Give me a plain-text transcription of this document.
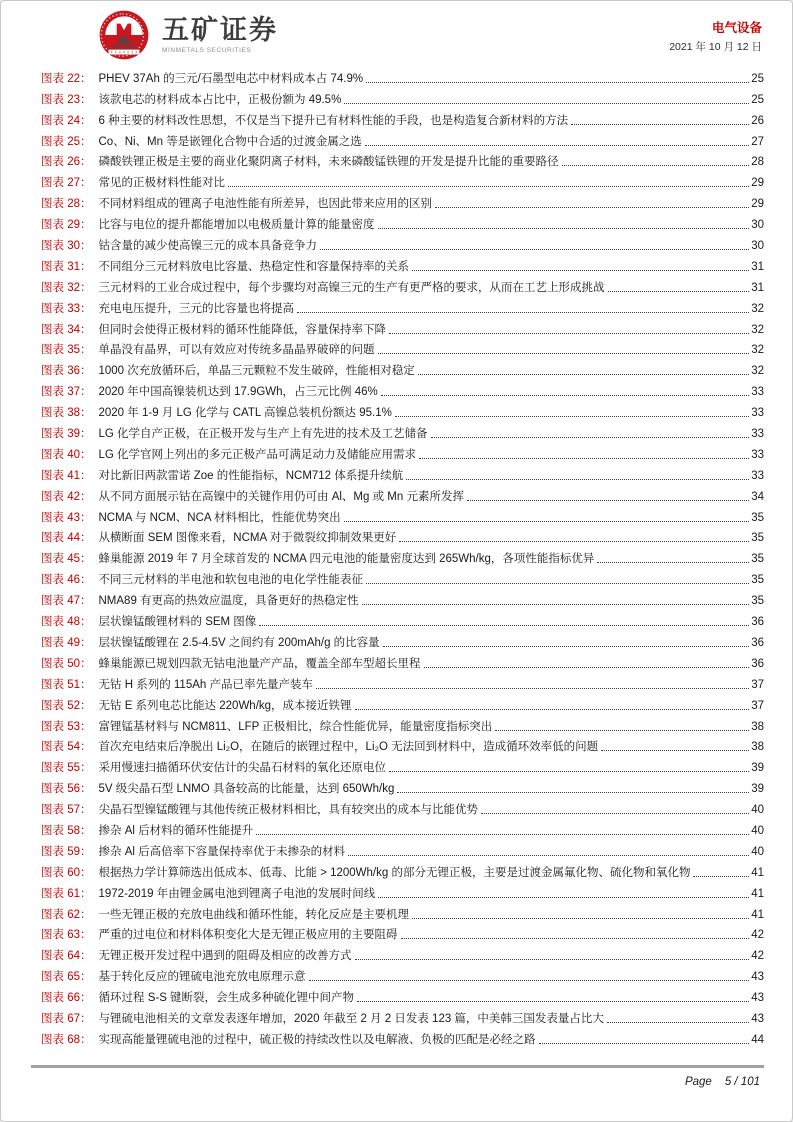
五矿证券
MINMETALS SECURITIES
电气设备
2021 年 10 月 12 日
图表 22： PHEV 37Ah 的三元/石墨型电芯中材料成本占 74.9%	25
图表 23： 该款电芯的材料成本占比中，正极份额为 49.5%	25
图表 24： 6 种主要的材料改性思想，不仅是当下提升已有材料性能的手段，也是构造复合新材料的方法	26
图表 25： Co、Ni、Mn 等是嵌锂化合物中合适的过渡金属之选	27
图表 26： 磷酸铁锂正极是主要的商业化聚阴离子材料，未来磷酸锰铁锂的开发是提升比能的重要路径	28
图表 27： 常见的正极材料性能对比	29
图表 28： 不同材料组成的锂离子电池性能有所差异，也因此带来应用的区别	29
图表 29： 比容与电位的提升都能增加以电极质量计算的能量密度	30
图表 30： 钴含量的减少使高镍三元的成本具备竞争力	30
图表 31： 不同组分三元材料放电比容量、热稳定性和容量保持率的关系	31
图表 32： 三元材料的工业合成过程中，每个步骤均对高镍三元的生产有更严格的要求，从而在工艺上形成挑战	31
图表 33： 充电电压提升，三元的比容量也将提高	32
图表 34： 但同时会使得正极材料的循环性能降低，容量保持率下降	32
图表 35： 单晶没有晶界，可以有效应对传统多晶晶界破碎的问题	32
图表 36： 1000 次充放循环后，单晶三元颗粒不发生破碎，性能相对稳定	32
图表 37： 2020 年中国高镍装机达到 17.9GWh，占三元比例 46%	33
图表 38： 2020 年 1-9 月 LG 化学与 CATL 高镍总装机份额达 95.1%	33
图表 39： LG 化学自产正极，在正极开发与生产上有先进的技术及工艺储备	33
图表 40： LG 化学官网上列出的多元正极产品可满足动力及储能应用需求	33
图表 41： 对比新旧两款雷诺 Zoe 的性能指标，NCM712 体系提升续航	33
图表 42： 从不同方面展示钴在高镍中的关键作用仍可由 Al、Mg 或 Mn 元素所发挥	34
图表 43： NCMA 与 NCM、NCA 材料相比，性能优势突出	35
图表 44： 从横断面 SEM 图像来看，NCMA 对于微裂纹抑制效果更好	35
图表 45： 蜂巢能源 2019 年 7 月全球首发的 NCMA 四元电池的能量密度达到 265Wh/kg，各项性能指标优异	35
图表 46： 不同三元材料的半电池和软包电池的电化学性能表征	35
图表 47： NMA89 有更高的热效应温度，具备更好的热稳定性	35
图表 48： 层状镍锰酸锂材料的 SEM 图像	36
图表 49： 层状镍锰酸锂在 2.5-4.5V 之间约有 200mAh/g 的比容量	36
图表 50： 蜂巢能源已规划四款无钴电池量产产品，覆盖全部车型超长里程	36
图表 51： 无钴 H 系列的 115Ah 产品已率先量产装车	37
图表 52： 无钴 E 系列电芯比能达 220Wh/kg，成本接近铁锂	37
图表 53： 富锂锰基材料与 NCM811、LFP 正极相比，综合性能优异，能量密度指标突出	38
图表 54： 首次充电结束后净脱出 Li₂O，在随后的嵌锂过程中，Li₂O 无法回到材料中，造成循环效率低的问题	38
图表 55： 采用慢速扫描循环伏安估计的尖晶石材料的氧化还原电位	39
图表 56： 5V 级尖晶石型 LNMO 具备较高的比能量，达到 650Wh/kg	39
图表 57： 尖晶石型镍锰酸锂与其他传统正极材料相比，具有较突出的成本与比能优势	40
图表 58： 掺杂 Al 后材料的循环性能提升	40
图表 59： 掺杂 Al 后高倍率下容量保持率优于未掺杂的材料	40
图表 60： 根据热力学计算筛选出低成本、低毒、比能 > 1200Wh/kg 的部分无锂正极，主要是过渡金属氟化物、硫化物和氧化物	41
图表 61： 1972-2019 年由锂金属电池到锂离子电池的发展时间线	41
图表 62： 一些无锂正极的充放电曲线和循环性能，转化反应是主要机理	41
图表 63： 严重的过电位和材料体积变化大是无锂正极应用的主要阻碍	42
图表 64： 无锂正极开发过程中遇到的阻碍及相应的改善方式	42
图表 65： 基于转化反应的锂硫电池充放电原理示意	43
图表 66： 循环过程 S-S 键断裂，会生成多种硫化锂中间产物	43
图表 67： 与锂硫电池相关的文章发表逐年增加，2020 年截至 2 月 2 日发表 123 篇，中美韩三国发表量占比大	43
图表 68： 实现高能量锂硫电池的过程中，硫正极的持续改性以及电解液、负极的匹配是必经之路	44
Page 5 / 101
